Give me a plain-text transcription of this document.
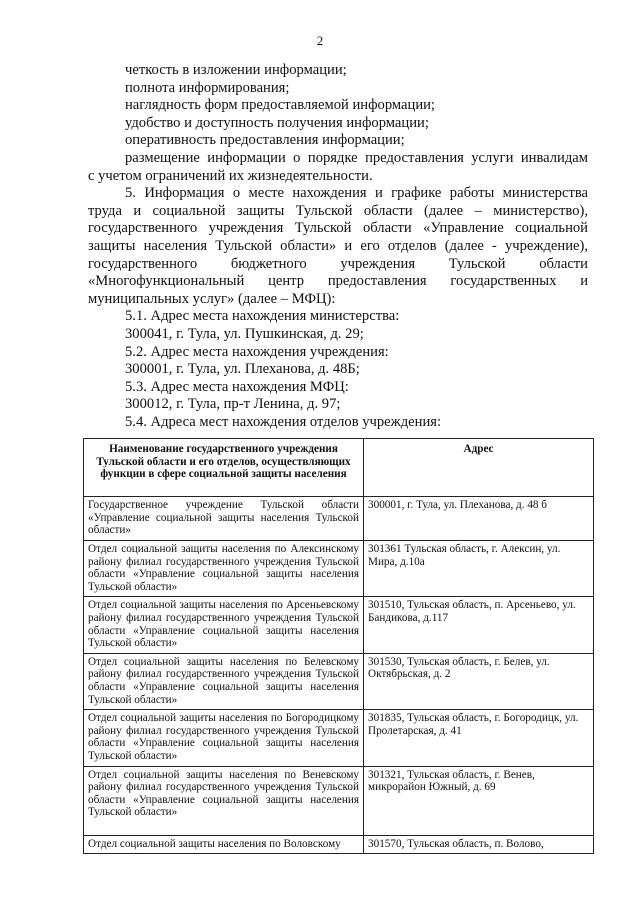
2

четкость в изложении информации;

полнота информирования;

наглядность форм предоставляемой информации;

удобство и доступность получения информации;

оперативность предоставления информации;

размещение информации о порядке предоставления услуги инвалидам

с учетом ограничений их жизнедеятельности.

5. Информация о месте нахождения и графике работы министерства

труда и социальной защиты Тульской области (далее – министерство),

государственного учреждения Тульской области «Управление социальной

защиты населения Тульской области» и его отделов (далее - учреждение),

государственного бюджетного учреждения Тульской области

«Многофункциональный центр предоставления государственных и

муниципальных услуг» (далее – МФЦ):

5.1. Адрес места нахождения министерства:

300041, г. Тула, ул. Пушкинская, д. 29;

5.2. Адрес места нахождения учреждения:

300001, г. Тула, ул. Плеханова, д. 48Б;

5.3. Адрес места нахождения МФЦ:

300012, г. Тула, пр-т Ленина, д. 97;

5.4. Адреса мест нахождения отделов учреждения:

Наименование государственного учреждения Тульской области и его отделов, осуществляющих функции в сфере социальной защиты населения	Адрес
Государственное учреждение Тульской области «Управление социальной защиты населения Тульской области»	300001, г. Тула, ул. Плеханова, д. 48 б
Отдел социальной защиты населения по Алексинскому району филиал государственного учреждения Тульской области «Управление социальной защиты населения Тульской области»	301361 Тульская область, г. Алексин, ул. Мира, д.10а
Отдел социальной защиты населения по Арсеньевскому району филиал государственного учреждения Тульской области «Управление социальной защиты населения Тульской области»	301510, Тульская область, п. Арсеньево, ул. Бандикова, д.117
Отдел социальной защиты населения по Белевскому району филиал государственного учреждения Тульской области «Управление социальной защиты населения Тульской области»	301530, Тульская область, г. Белев, ул. Октябрьская, д. 2
Отдел социальной защиты населения по Богородицкому району филиал государственного учреждения Тульской области «Управление социальной защиты населения Тульской области»	301835, Тульская область, г. Богородицк, ул. Пролетарская, д. 41
Отдел социальной защиты населения по Веневскому району филиал государственного учреждения Тульской области «Управление социальной защиты населения Тульской области»	301321, Тульская область, г. Венев, микрорайон Южный, д. 69
Отдел социальной защиты населения по Воловскому	301570, Тульская область, п. Волово,
